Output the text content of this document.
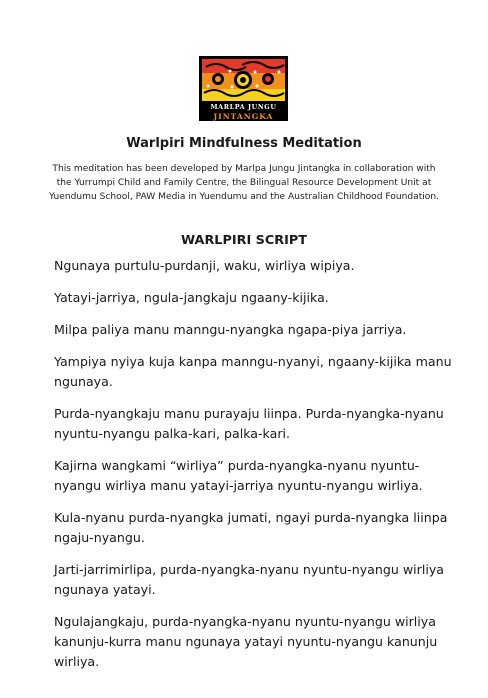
MARLPA JUNGU
JINTANGKA
Warlpiri Mindfulness Meditation
This meditation has been developed by Marlpa Jungu Jintangka in collaboration with the Yurrumpi Child and Family Centre, the Bilingual Resource Development Unit at Yuendumu School, PAW Media in Yuendumu and the Australian Childhood Foundation.
WARLPIRI SCRIPT

Ngunaya purtulu-purdanji, waku, wirliya wipiya.

Yatayi-jarriya, ngula-jangkaju ngaany-kijika.

Milpa paliya manu manngu-nyangka ngapa-piya jarriya.

Yampiya nyiya kuja kanpa manngu-nyanyi, ngaany-kijika manu ngunaya.

Purda-nyangkaju manu purayaju liinpa. Purda-nyangka-nyanu nyuntu-nyangu palka-kari, palka-kari.

Kajirna wangkami “wirliya” purda-nyangka-nyanu nyuntu-nyangu wirliya manu yatayi-jarriya nyuntu-nyangu wirliya.

Kula-nyanu purda-nyangka jumati, ngayi purda-nyangka liinpa ngaju-nyangu.

Jarti-jarrimirlipa, purda-nyangka-nyanu nyuntu-nyangu wirliya ngunaya yatayi.

Ngulajangkaju, purda-nyangka-nyanu nyuntu-nyangu wirliya kanunju-kurra manu ngunaya yatayi nyuntu-nyangu kanunju wirliya.
